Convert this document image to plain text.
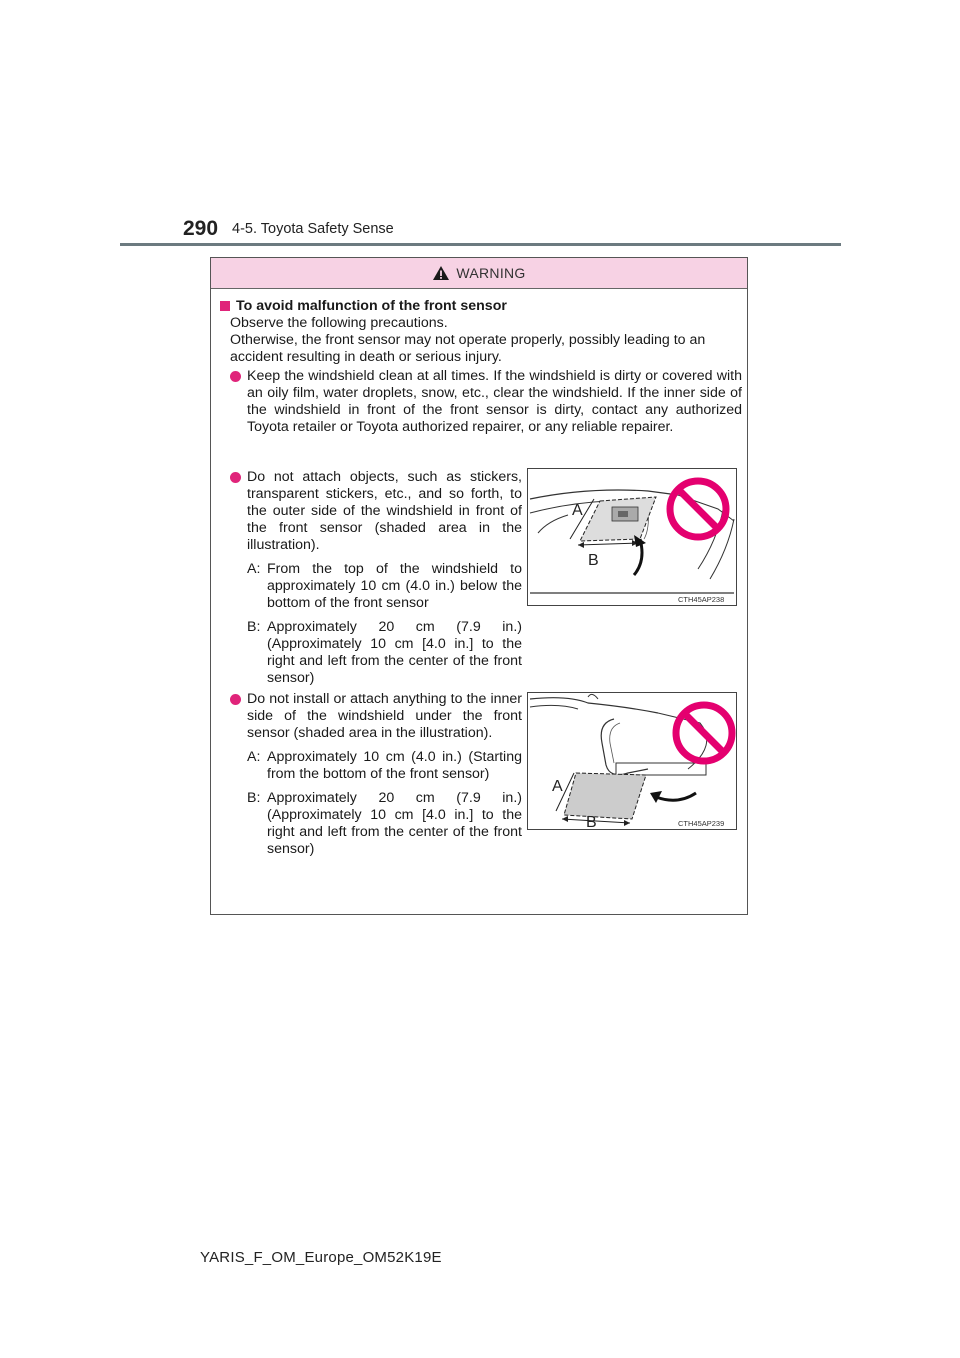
290 4-5. Toyota Safety Sense
WARNING
To avoid malfunction of the front sensor
Observe the following precautions.
Otherwise, the front sensor may not operate properly, possibly leading to an accident resulting in death or serious injury.
Keep the windshield clean at all times. If the windshield is dirty or covered with an oily film, water droplets, snow, etc., clear the windshield. If the inner side of the windshield in front of the front sensor is dirty, contact any authorized Toyota retailer or Toyota authorized repairer, or any reliable repairer.
Do not attach objects, such as stickers, transparent stickers, etc., and so forth, to the outer side of the windshield in front of the front sensor (shaded area in the illustration).
A: From the top of the windshield to approximately 10 cm (4.0 in.) below the bottom of the front sensor
B: Approximately 20 cm (7.9 in.) (Approximately 10 cm [4.0 in.] to the right and left from the center of the front sensor)
A
B
CTH45AP238
Do not install or attach anything to the inner side of the windshield under the front sensor (shaded area in the illustration).
A: Approximately 10 cm (4.0 in.) (Starting from the bottom of the front sensor)
B: Approximately 20 cm (7.9 in.) (Approximately 10 cm [4.0 in.] to the right and left from the center of the front sensor)
A
B	CTH45AP239
YARIS_F_OM_Europe_OM52K19E
